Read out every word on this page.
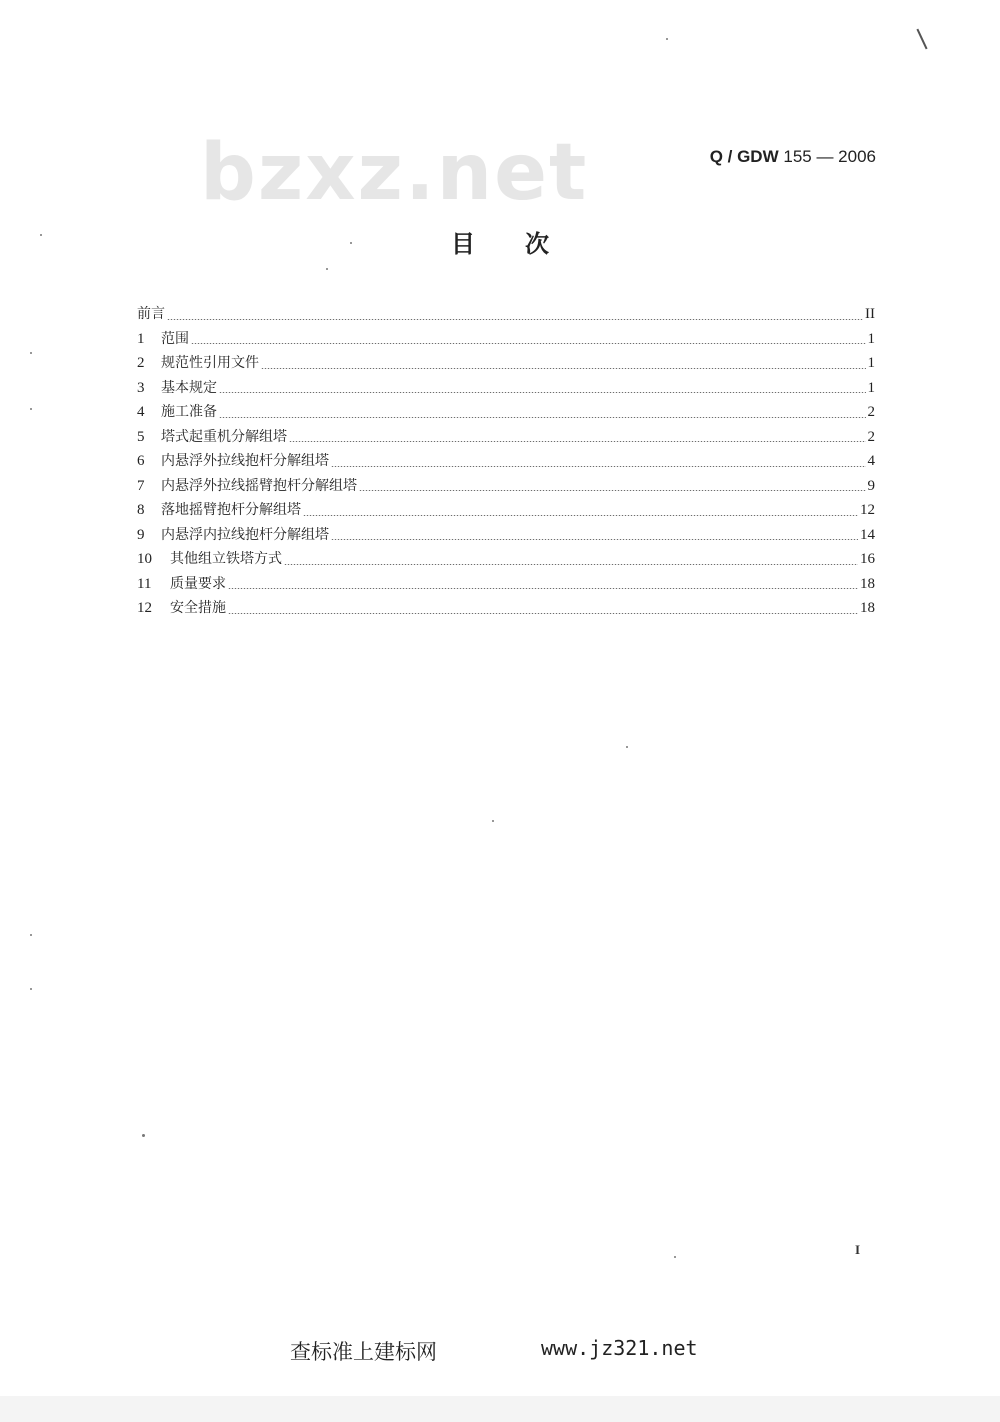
bzxz.net	Q / GDW 155 — 2006
目次
前言	II
1 范围	1
2 规范性引用文件	1
3 基本规定	1
4 施工准备	2
5 塔式起重机分解组塔	2
6 内悬浮外拉线抱杆分解组塔	4
7 内悬浮外拉线摇臂抱杆分解组塔	9
8 落地摇臂抱杆分解组塔	12
9 内悬浮内拉线抱杆分解组塔	14
10 其他组立铁塔方式	16
11 质量要求	18
12 安全措施	18
I
查标准上建标网	www.jz321.net
